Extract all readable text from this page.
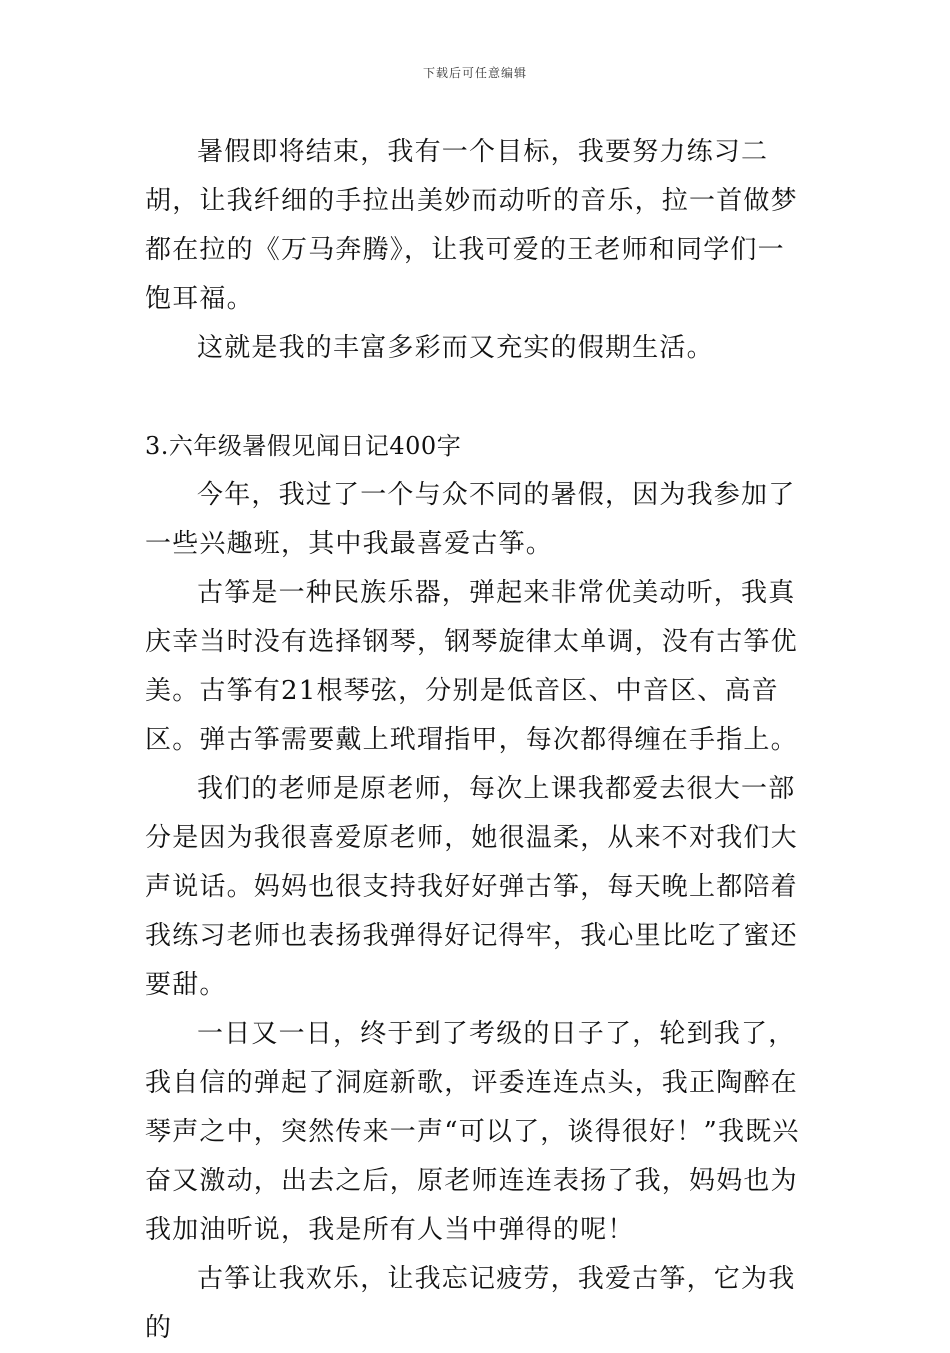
下载后可任意编辑

暑假即将结束，我有一个目标，我要努力练习二胡，让我纤细的手拉出美妙而动听的音乐，拉一首做梦都在拉的《万马奔腾》，让我可爱的王老师和同学们一饱耳福。

这就是我的丰富多彩而又充实的假期生活。

3.六年级暑假见闻日记400字

今年，我过了一个与众不同的暑假，因为我参加了一些兴趣班，其中我最喜爱古筝。

古筝是一种民族乐器，弹起来非常优美动听，我真庆幸当时没有选择钢琴，钢琴旋律太单调，没有古筝优美。古筝有21根琴弦，分别是低音区、中音区、高音区。弹古筝需要戴上玳瑁指甲，每次都得缠在手指上。

我们的老师是原老师，每次上课我都爱去很大一部分是因为我很喜爱原老师，她很温柔，从来不对我们大声说话。妈妈也很支持我好好弹古筝，每天晚上都陪着我练习老师也表扬我弹得好记得牢，我心里比吃了蜜还要甜。

一日又一日，终于到了考级的日子了，轮到我了，我自信的弹起了洞庭新歌，评委连连点头，我正陶醉在琴声之中，突然传来一声“可以了，谈得很好！”我既兴奋又激动，出去之后，原老师连连表扬了我，妈妈也为我加油听说，我是所有人当中弹得的呢！

古筝让我欢乐，让我忘记疲劳，我爱古筝，它为我的
